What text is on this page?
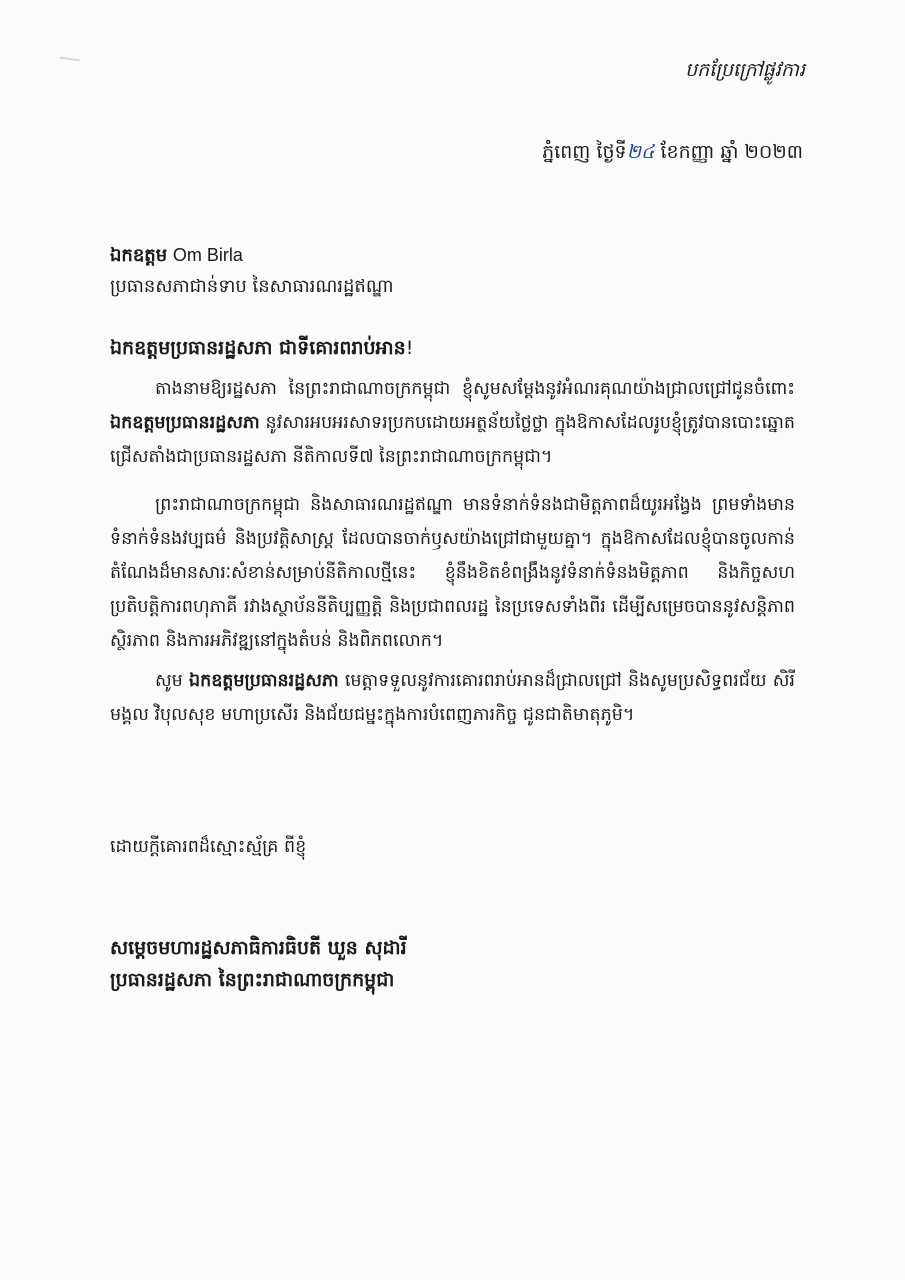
បកប្រែក្រៅផ្លូវការ
ភ្នំពេញ ថ្ងៃទី២៤ ខែកញ្ញា ឆ្នាំ ២០២៣
ឯកឧត្តម Om Birla
ប្រធានសភាជាន់ទាប នៃសាធារណរដ្ឋឥណ្ឌា
ឯកឧត្តមប្រធានរដ្ឋសភា ជាទីគោរពរាប់អាន!

តាងនាមឱ្យរដ្ឋសភា នៃព្រះរាជាណាចក្រកម្ពុជា ខ្ញុំសូមសម្តែងនូវអំណរគុណយ៉ាងជ្រាលជ្រៅជូនចំពោះ ឯកឧត្តមប្រធានរដ្ឋសភា នូវសារអបអរសាទរប្រកបដោយអត្ថន័យថ្លៃថ្លា ក្នុងឱកាសដែលរូបខ្ញុំត្រូវបានបោះឆ្នោតជ្រើសតាំងជាប្រធានរដ្ឋសភា នីតិកាលទី៧ នៃព្រះរាជាណាចក្រកម្ពុជា។

ព្រះរាជាណាចក្រកម្ពុជា និងសាធារណរដ្ឋឥណ្ឌា មានទំនាក់ទំនងជាមិត្តភាពដ៏យូរអង្វែង ព្រមទាំងមានទំនាក់ទំនងវប្បធម៌ និងប្រវត្តិសាស្ត្រ ដែលបានចាក់ឫសយ៉ាងជ្រៅជាមួយគ្នា។ ក្នុងឱកាសដែលខ្ញុំបានចូលកាន់តំណែងដ៏មានសារៈសំខាន់សម្រាប់នីតិកាលថ្មីនេះ ខ្ញុំនឹងខិតខំពង្រឹងនូវទំនាក់ទំនងមិត្តភាព និងកិច្ចសហប្រតិបត្តិការពហុភាគី រវាងស្ថាប័ននីតិប្បញ្ញត្តិ និងប្រជាពលរដ្ឋ នៃប្រទេសទាំងពីរ ដើម្បីសម្រេចបាននូវសន្តិភាព ស្ថិរភាព និងការអភិវឌ្ឍនៅក្នុងតំបន់ និងពិភពលោក។

សូម ឯកឧត្តមប្រធានរដ្ឋសភា មេត្តាទទួលនូវការគោរពរាប់អានដ៏ជ្រាលជ្រៅ និងសូមប្រសិទ្ធពរជ័យ សិរីមង្គល វិបុលសុខ មហាប្រសើរ និងជ័យជម្នះក្នុងការបំពេញភារកិច្ច ជូនជាតិមាតុភូមិ។

ដោយក្ដីគោរពដ៏ស្មោះស្ម័គ្រ ពីខ្ញុំ
សម្តេចមហារដ្ឋសភាធិការធិបតី ឃួន សុដារី
ប្រធានរដ្ឋសភា នៃព្រះរាជាណាចក្រកម្ពុជា
